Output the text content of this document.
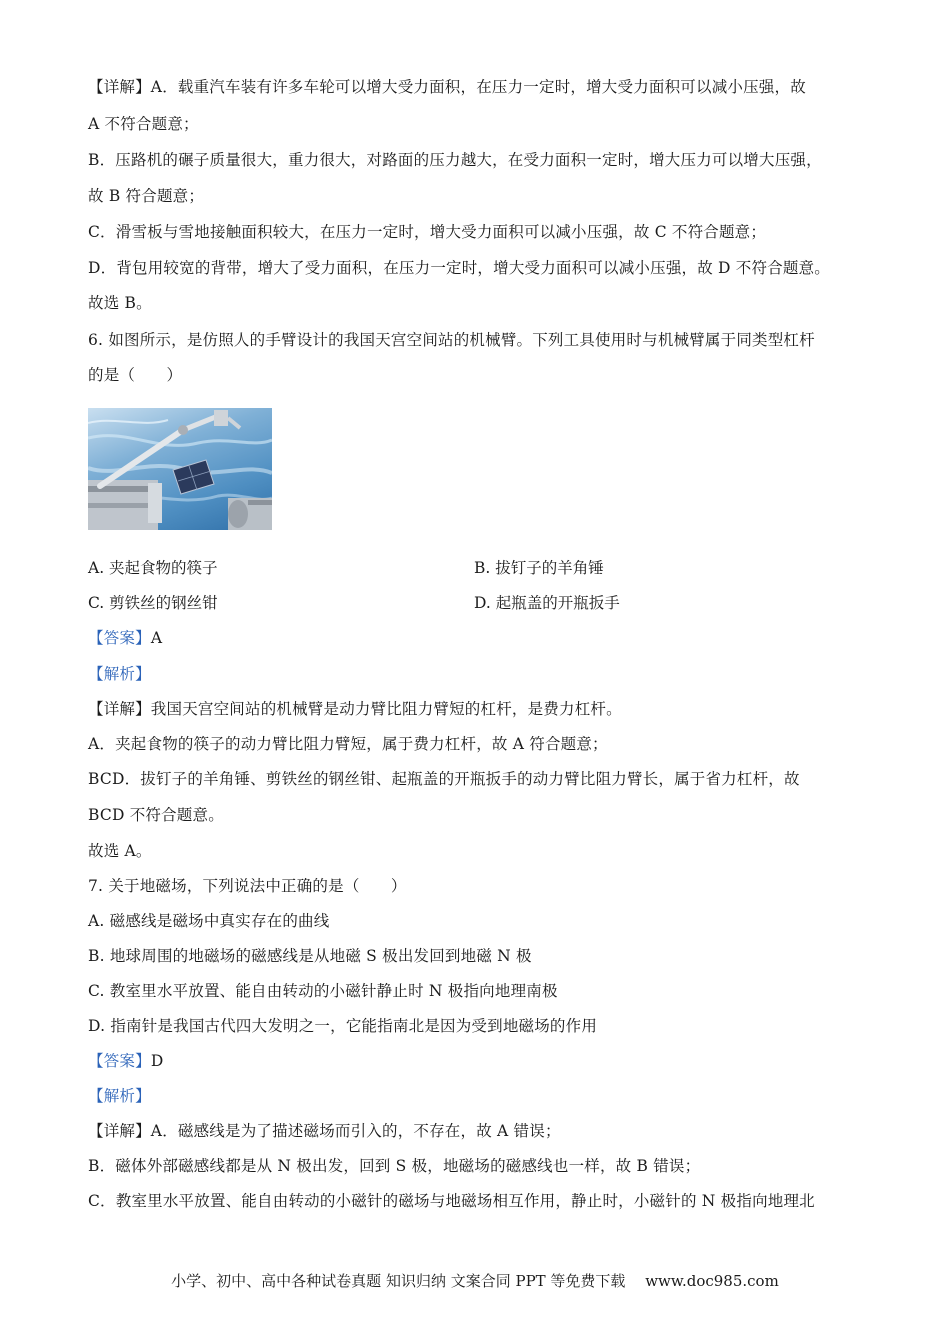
【详解】A．载重汽车装有许多车轮可以增大受力面积，在压力一定时，增大受力面积可以减小压强，故
A 不符合题意；
B．压路机的碾子质量很大，重力很大，对路面的压力越大，在受力面积一定时，增大压力可以增大压强，
故 B 符合题意；
C．滑雪板与雪地接触面积较大，在压力一定时，增大受力面积可以减小压强，故 C 不符合题意；
D．背包用较宽的背带，增大了受力面积，在压力一定时，增大受力面积可以减小压强，故 D 不符合题意。
故选 B。
6. 如图所示，是仿照人的手臂设计的我国天宫空间站的机械臂。下列工具使用时与机械臂属于同类型杠杆
的是（　　）
A. 夹起食物的筷子	B. 拔钉子的羊角锤
C. 剪铁丝的钢丝钳	D. 起瓶盖的开瓶扳手
【答案】A
【解析】
【详解】我国天宫空间站的机械臂是动力臂比阻力臂短的杠杆，是费力杠杆。
A．夹起食物的筷子的动力臂比阻力臂短，属于费力杠杆，故 A 符合题意；
BCD．拔钉子的羊角锤、剪铁丝的钢丝钳、起瓶盖的开瓶扳手的动力臂比阻力臂长，属于省力杠杆，故
BCD 不符合题意。
故选 A。
7. 关于地磁场，下列说法中正确的是（　　）
A. 磁感线是磁场中真实存在的曲线
B. 地球周围的地磁场的磁感线是从地磁 S 极出发回到地磁 N 极
C. 教室里水平放置、能自由转动的小磁针静止时 N 极指向地理南极
D. 指南针是我国古代四大发明之一，它能指南北是因为受到地磁场的作用
【答案】D
【解析】
【详解】A．磁感线是为了描述磁场而引入的，不存在，故 A 错误；
B．磁体外部磁感线都是从 N 极出发，回到 S 极，地磁场的磁感线也一样，故 B 错误；
C．教室里水平放置、能自由转动的小磁针的磁场与地磁场相互作用，静止时，小磁针的 N 极指向地理北
小学、初中、高中各种试卷真题 知识归纳 文案合同 PPT 等免费下载　 www.doc985.com
